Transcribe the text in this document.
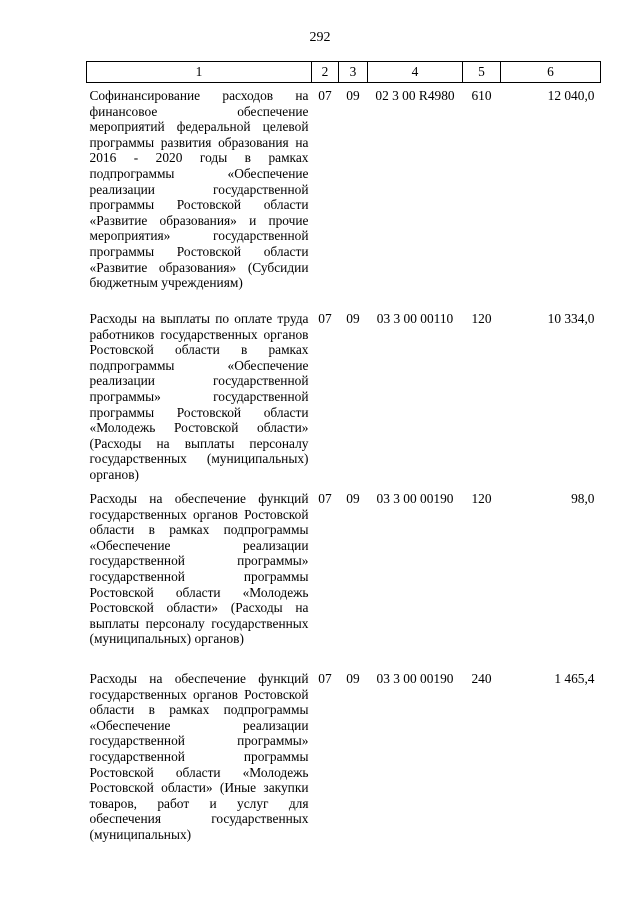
292
1	2	3	4	5	6
Софинансирование расходов на финансовое обеспечение мероприятий федеральной целевой программы развития образования на 2016 - 2020 годы в рамках подпрограммы «Обеспечение реализации государственной программы Ростовской области «Развитие образования» и прочие мероприятия» государственной программы Ростовской области «Развитие образования» (Субсидии бюджетным учреждениям)	07	09	02 3 00 R4980	610	12 040,0
Расходы на выплаты по оплате труда работников государственных органов Ростовской области в рамках подпрограммы «Обеспечение реализации государственной программы» государственной программы Ростовской области «Молодежь Ростовской области» (Расходы на выплаты персоналу государственных (муниципальных) органов)	07	09	03 3 00 00110	120	10 334,0
Расходы на обеспечение функций государственных органов Ростовской области в рамках подпрограммы «Обеспечение реализации государственной программы» государственной программы Ростовской области «Молодежь Ростовской области» (Расходы на выплаты персоналу государственных (муниципальных) органов)	07	09	03 3 00 00190	120	98,0
Расходы на обеспечение функций государственных органов Ростовской области в рамках подпрограммы «Обеспечение реализации государственной программы» государственной программы Ростовской области «Молодежь Ростовской области» (Иные закупки товаров, работ и услуг для обеспечения государственных (муниципальных)	07	09	03 3 00 00190	240	1 465,4
